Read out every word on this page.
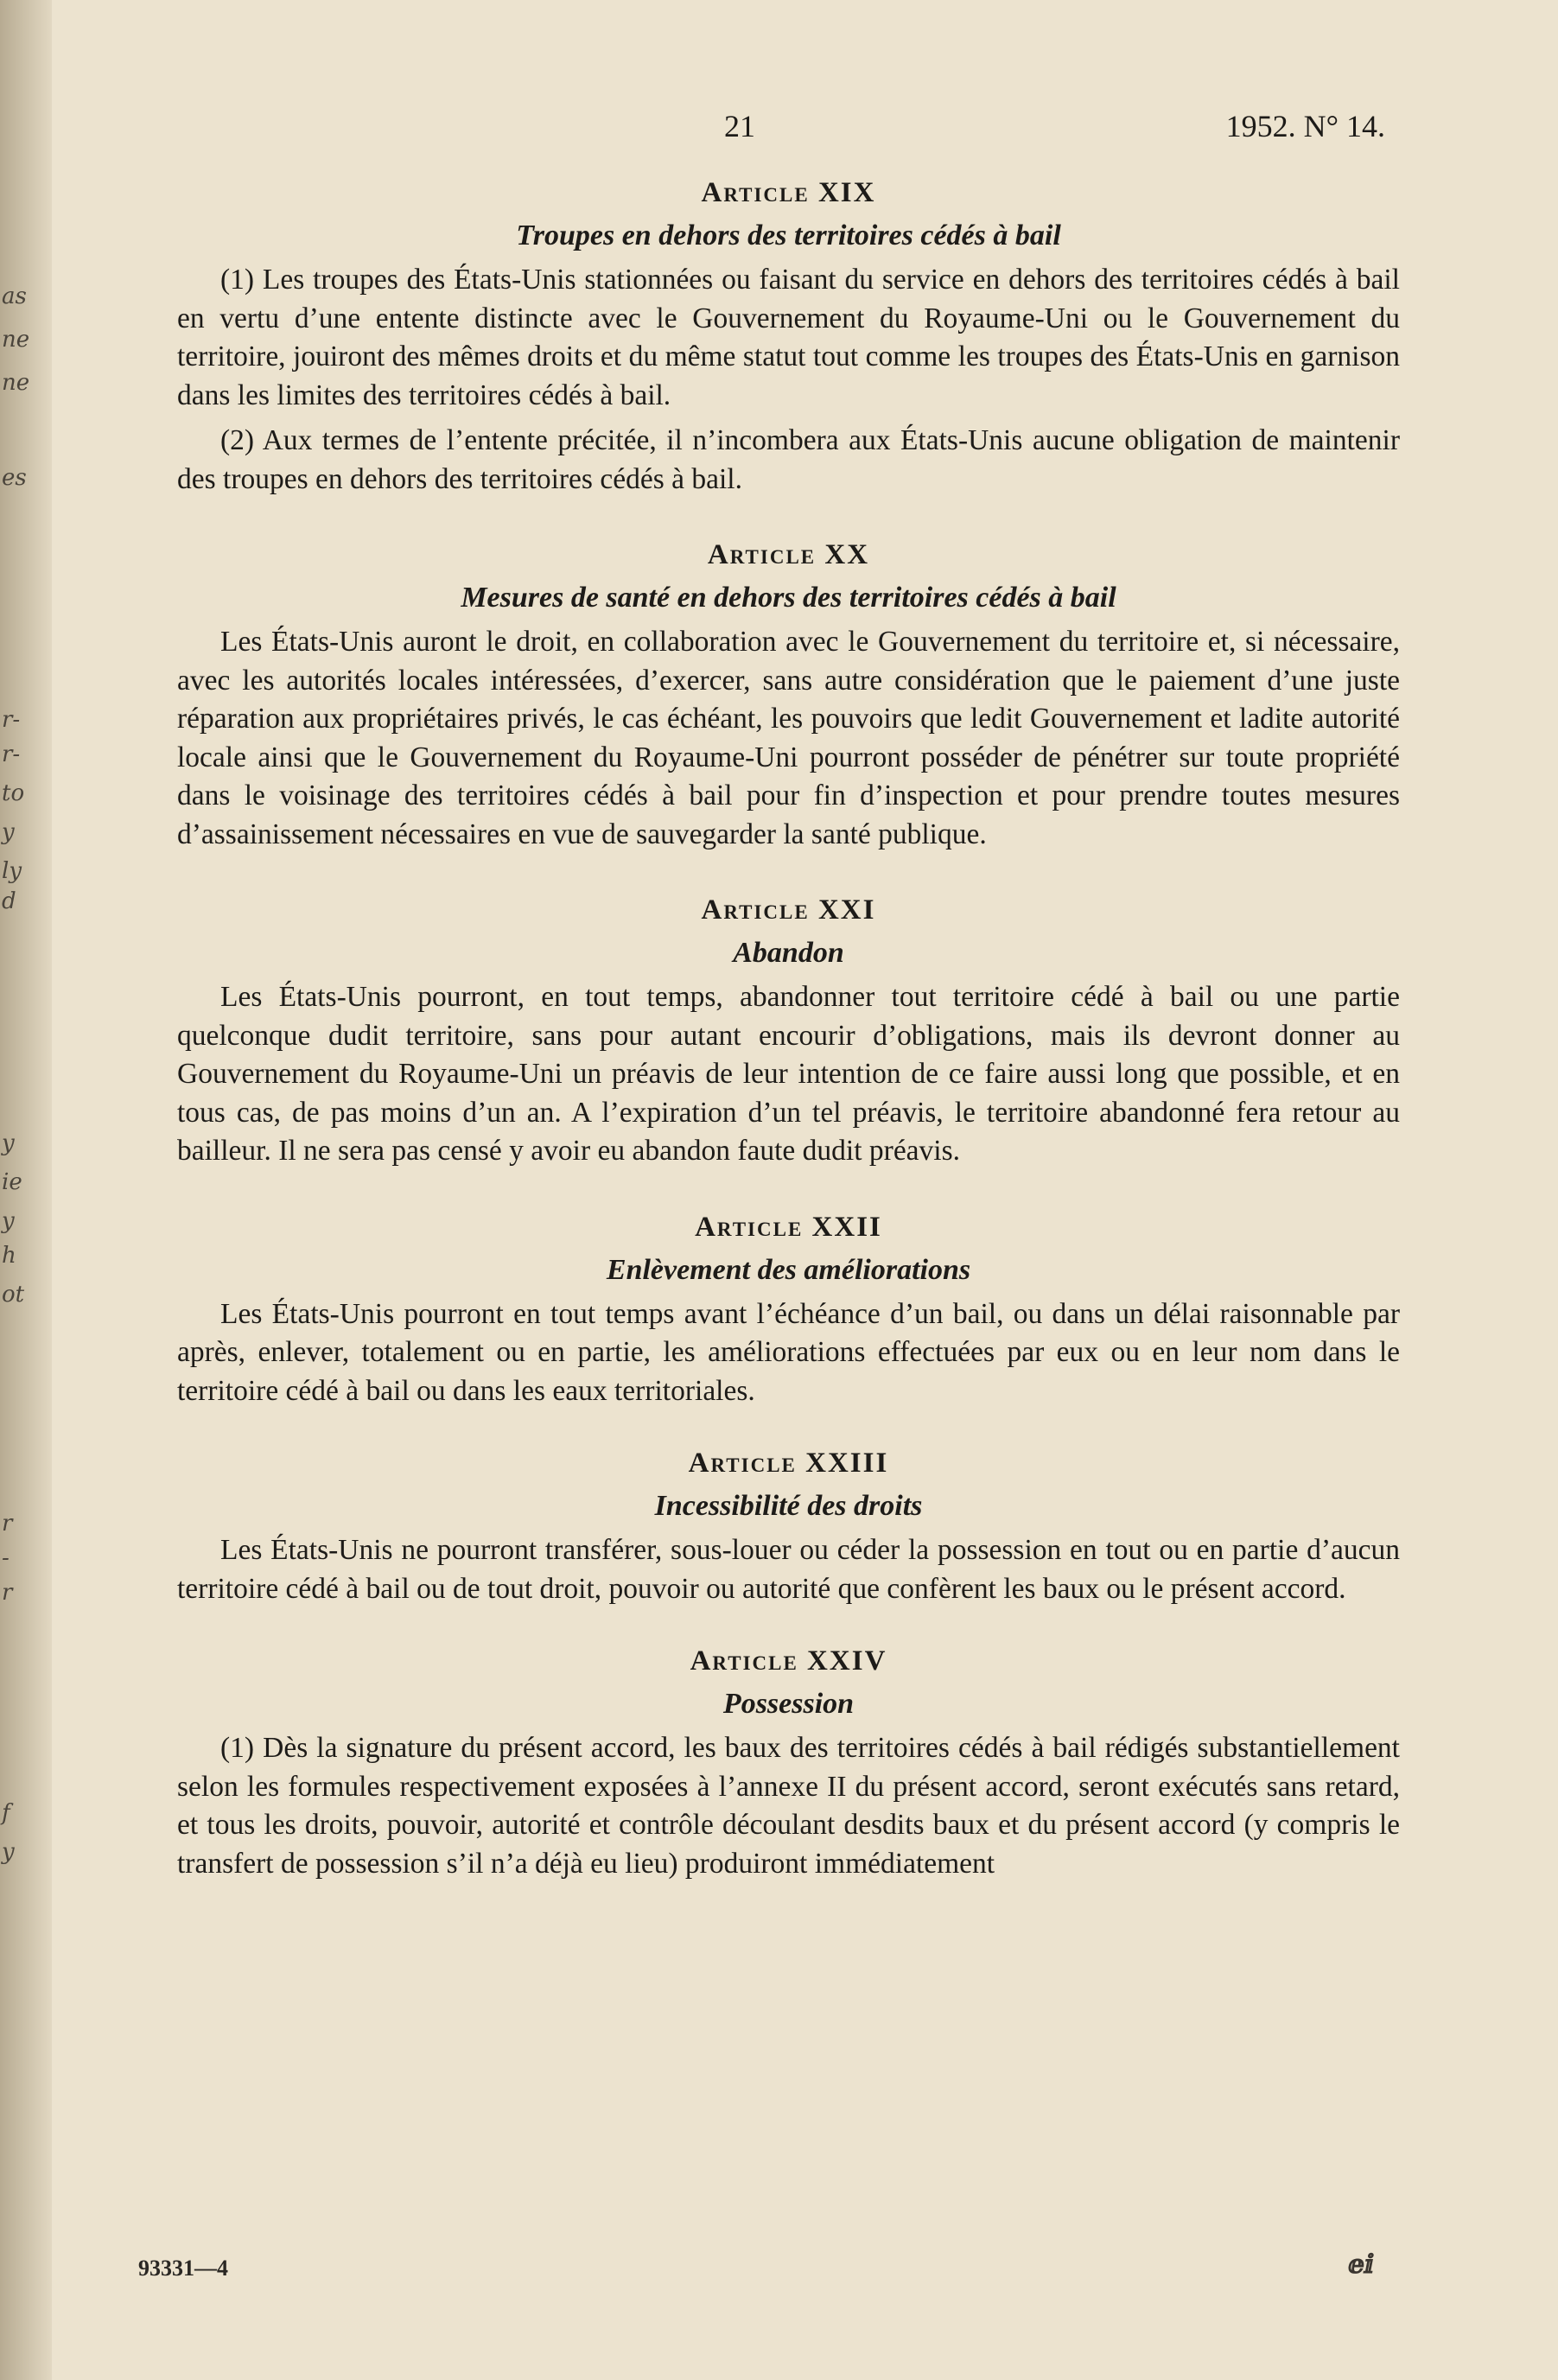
as
ne
ne
es
r-
r-
to
y
ly
d
y
ie
y
h
ot
r
-
r
f
y
21	1952. N° 14.
Article XIX
Troupes en dehors des territoires cédés à bail

(1) Les troupes des États-Unis stationnées ou faisant du service en dehors des territoires cédés à bail en vertu d’une entente distincte avec le Gouvernement du Royaume-Uni ou le Gouvernement du territoire, jouiront des mêmes droits et du même statut tout comme les troupes des États-Unis en garnison dans les limites des territoires cédés à bail.

(2) Aux termes de l’entente précitée, il n’incombera aux États-Unis aucune obligation de maintenir des troupes en dehors des territoires cédés à bail.

Article XX
Mesures de santé en dehors des territoires cédés à bail

Les États-Unis auront le droit, en collaboration avec le Gouvernement du territoire et, si nécessaire, avec les autorités locales intéressées, d’exercer, sans autre considération que le paiement d’une juste réparation aux propriétaires privés, le cas échéant, les pouvoirs que ledit Gouvernement et ladite autorité locale ainsi que le Gouvernement du Royaume-Uni pourront posséder de pénétrer sur toute propriété dans le voisinage des territoires cédés à bail pour fin d’inspection et pour prendre toutes mesures d’assainissement nécessaires en vue de sauvegarder la santé publique.

Article XXI
Abandon

Les États-Unis pourront, en tout temps, abandonner tout territoire cédé à bail ou une partie quelconque dudit territoire, sans pour autant encourir d’obligations, mais ils devront donner au Gouvernement du Royaume-Uni un préavis de leur intention de ce faire aussi long que possible, et en tous cas, de pas moins d’un an. A l’expiration d’un tel préavis, le territoire abandonné fera retour au bailleur. Il ne sera pas censé y avoir eu abandon faute dudit préavis.

Article XXII
Enlèvement des améliorations

Les États-Unis pourront en tout temps avant l’échéance d’un bail, ou dans un délai raisonnable par après, enlever, totalement ou en partie, les améliorations effectuées par eux ou en leur nom dans le territoire cédé à bail ou dans les eaux territoriales.

Article XXIII
Incessibilité des droits

Les États-Unis ne pourront transférer, sous-louer ou céder la possession en tout ou en partie d’aucun territoire cédé à bail ou de tout droit, pouvoir ou autorité que confèrent les baux ou le présent accord.

Article XXIV
Possession

(1) Dès la signature du présent accord, les baux des territoires cédés à bail rédigés substantiellement selon les formules respectivement exposées à l’annexe II du présent accord, seront exécutés sans retard, et tous les droits, pouvoir, autorité et contrôle découlant desdits baux et du présent accord (y compris le transfert de possession s’il n’a déjà eu lieu) produiront immédiatement

93331—4	ⅇⅈ
